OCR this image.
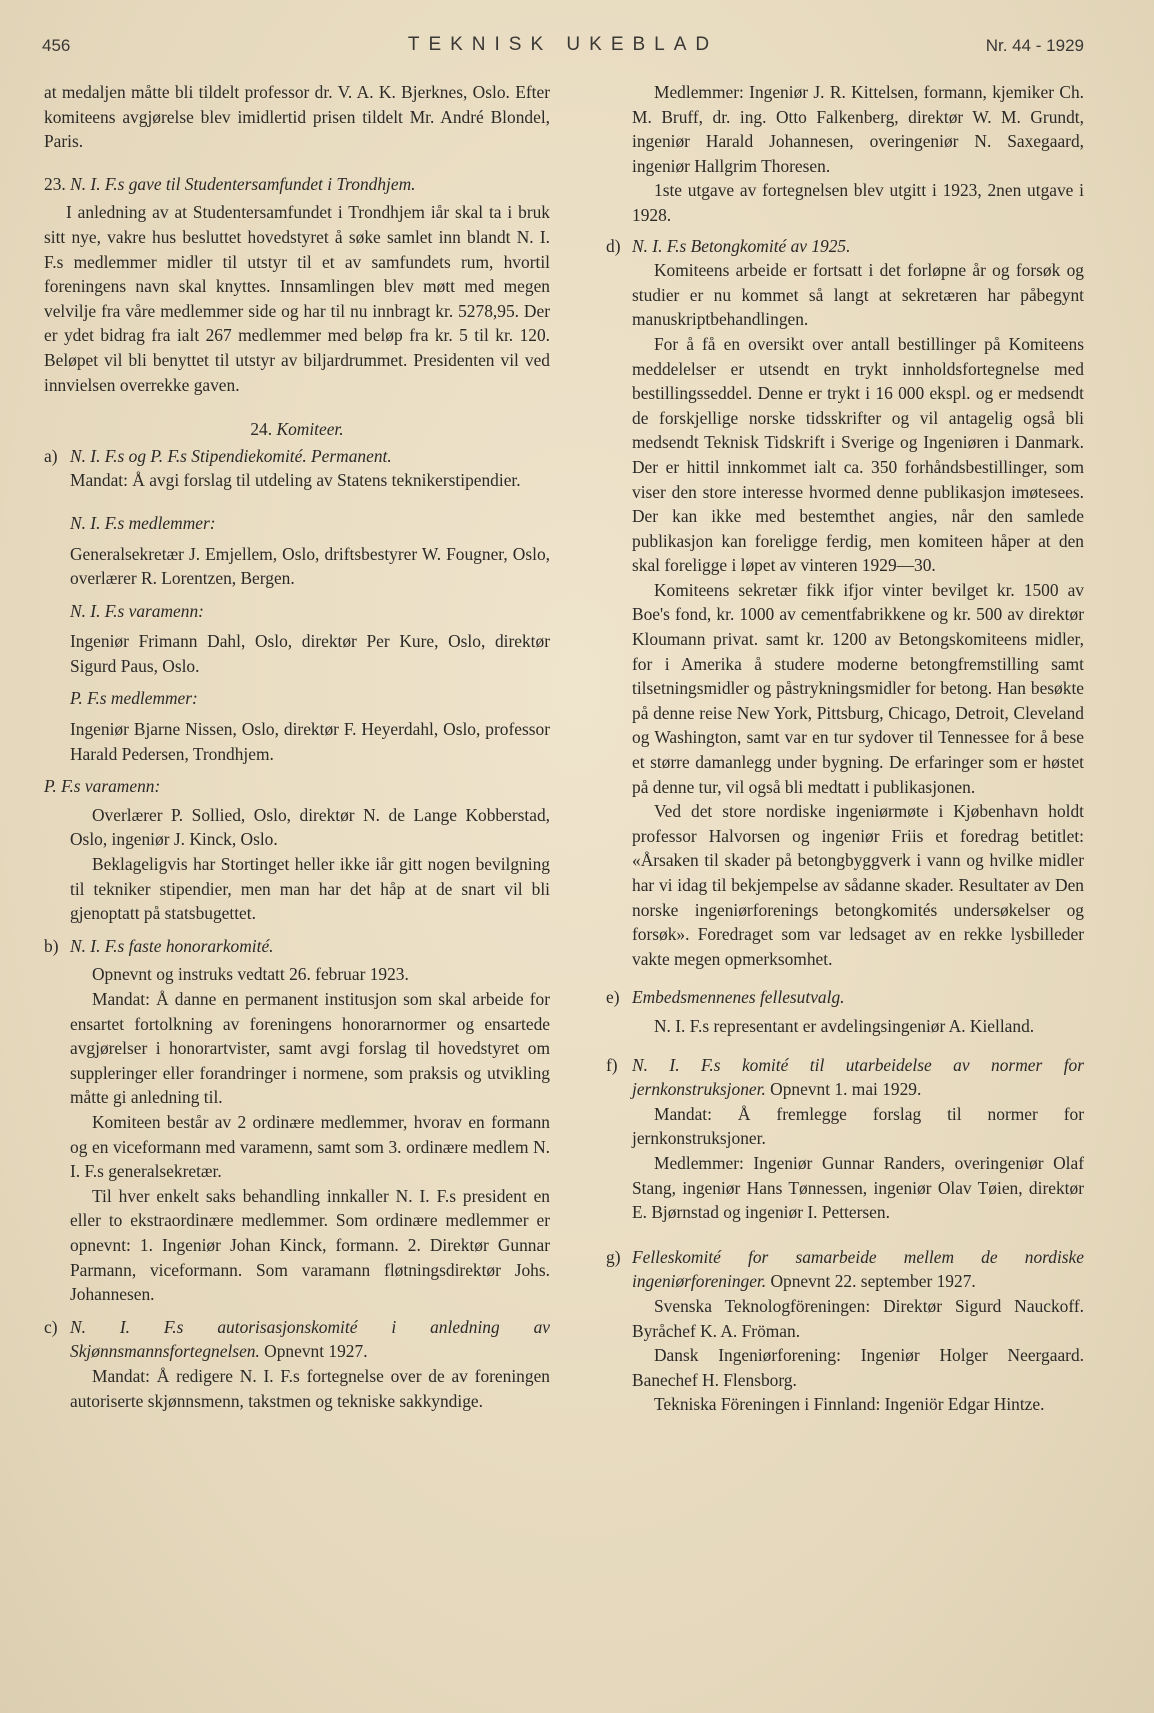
456	TEKNISK UKEBLAD	Nr. 44 - 1929

at medaljen måtte bli tildelt professor dr. V. A. K. Bjerknes, Oslo. Efter komiteens avgjørelse blev imidlertid prisen tildelt Mr. André Blondel, Paris.

23. N. I. F.s gave til Studentersamfundet i Trondhjem.

I anledning av at Studentersamfundet i Trondhjem iår skal ta i bruk sitt nye, vakre hus besluttet hovedstyret å søke samlet inn blandt N. I. F.s medlemmer midler til utstyr til et av samfundets rum, hvortil foreningens navn skal knyttes. Innsamlingen blev møtt med megen velvilje fra våre medlemmer side og har til nu innbragt kr. 5278,95. Der er ydet bidrag fra ialt 267 medlemmer med beløp fra kr. 5 til kr. 120. Beløpet vil bli benyttet til utstyr av biljardrummet. Presidenten vil ved innvielsen overrekke gaven.

24. Komiteer.

a) N. I. F.s og P. F.s Stipendiekomité. Permanent.

Mandat: Å avgi forslag til utdeling av Statens teknikerstipendier.

N. I. F.s medlemmer:

Generalsekretær J. Emjellem, Oslo, driftsbestyrer W. Fougner, Oslo, overlærer R. Lorentzen, Bergen.

N. I. F.s varamenn:

Ingeniør Frimann Dahl, Oslo, direktør Per Kure, Oslo, direktør Sigurd Paus, Oslo.

P. F.s medlemmer:

Ingeniør Bjarne Nissen, Oslo, direktør F. Heyerdahl, Oslo, professor Harald Pedersen, Trondhjem.

P. F.s varamenn:

Overlærer P. Sollied, Oslo, direktør N. de Lange Kobberstad, Oslo, ingeniør J. Kinck, Oslo.

Beklageligvis har Stortinget heller ikke iår gitt nogen bevilgning til tekniker stipendier, men man har det håp at de snart vil bli gjenoptatt på statsbugettet.

b) N. I. F.s faste honorarkomité.

Opnevnt og instruks vedtatt 26. februar 1923.

Mandat: Å danne en permanent institusjon som skal arbeide for ensartet fortolkning av foreningens honorarnormer og ensartede avgjørelser i honorartvister, samt avgi forslag til hovedstyret om suppleringer eller forandringer i normene, som praksis og utvikling måtte gi anledning til.

Komiteen består av 2 ordinære medlemmer, hvorav en formann og en viceformann med varamenn, samt som 3. ordinære medlem N. I. F.s generalsekretær.

Til hver enkelt saks behandling innkaller N. I. F.s president en eller to ekstraordinære medlemmer. Som ordinære medlemmer er opnevnt: 1. Ingeniør Johan Kinck, formann. 2. Direktør Gunnar Parmann, viceformann. Som varamann fløtningsdirektør Johs. Johannesen.

c) N. I. F.s autorisasjonskomité i anledning av Skjønnsmannsfortegnelsen. Opnevnt 1927.

Mandat: Å redigere N. I. F.s fortegnelse over de av foreningen autoriserte skjønnsmenn, takstmen og tekniske sakkyndige.

Medlemmer: Ingeniør J. R. Kittelsen, formann, kjemiker Ch. M. Bruff, dr. ing. Otto Falkenberg, direktør W. M. Grundt, ingeniør Harald Johannesen, overingeniør N. Saxegaard, ingeniør Hallgrim Thoresen.

1ste utgave av fortegnelsen blev utgitt i 1923, 2nen utgave i 1928.

d) N. I. F.s Betongkomité av 1925.

Komiteens arbeide er fortsatt i det forløpne år og forsøk og studier er nu kommet så langt at sekretæren har påbegynt manuskriptbehandlingen.

For å få en oversikt over antall bestillinger på Komiteens meddelelser er utsendt en trykt innholdsfortegnelse med bestillingsseddel. Denne er trykt i 16 000 ekspl. og er medsendt de forskjellige norske tidsskrifter og vil antagelig også bli medsendt Teknisk Tidskrift i Sverige og Ingeniøren i Danmark. Der er hittil innkommet ialt ca. 350 forhåndsbestillinger, som viser den store interesse hvormed denne publikasjon imøtesees. Der kan ikke med bestemthet angies, når den samlede publikasjon kan foreligge ferdig, men komiteen håper at den skal foreligge i løpet av vinteren 1929—30.

Komiteens sekretær fikk ifjor vinter bevilget kr. 1500 av Boe's fond, kr. 1000 av cementfabrikkene og kr. 500 av direktør Kloumann privat. samt kr. 1200 av Betongskomiteens midler, for i Amerika å studere moderne betongfremstilling samt tilsetningsmidler og påstrykningsmidler for betong. Han besøkte på denne reise New York, Pittsburg, Chicago, Detroit, Cleveland og Washington, samt var en tur sydover til Tennessee for å bese et større damanlegg under bygning. De erfaringer som er høstet på denne tur, vil også bli medtatt i publikasjonen.

Ved det store nordiske ingeniørmøte i Kjøbenhavn holdt professor Halvorsen og ingeniør Friis et foredrag betitlet: «Årsaken til skader på betongbyggverk i vann og hvilke midler har vi idag til bekjempelse av sådanne skader. Resultater av Den norske ingeniørforenings betongkomités undersøkelser og forsøk». Foredraget som var ledsaget av en rekke lysbilleder vakte megen opmerksomhet.

e) Embedsmennenes fellesutvalg.

N. I. F.s representant er avdelingsingeniør A. Kielland.

f) N. I. F.s komité til utarbeidelse av normer for jernkonstruksjoner. Opnevnt 1. mai 1929.

Mandat: Å fremlegge forslag til normer for jernkonstruksjoner.

Medlemmer: Ingeniør Gunnar Randers, overingeniør Olaf Stang, ingeniør Hans Tønnessen, ingeniør Olav Tøien, direktør E. Bjørnstad og ingeniør I. Pettersen.

g) Felleskomité for samarbeide mellem de nordiske ingeniørforeninger. Opnevnt 22. september 1927.

Svenska Teknologföreningen: Direktør Sigurd Nauckoff. Byråchef K. A. Fröman.

Dansk Ingeniørforening: Ingeniør Holger Neergaard. Banechef H. Flensborg.

Tekniska Föreningen i Finnland: Ingeniör Edgar Hintze.
